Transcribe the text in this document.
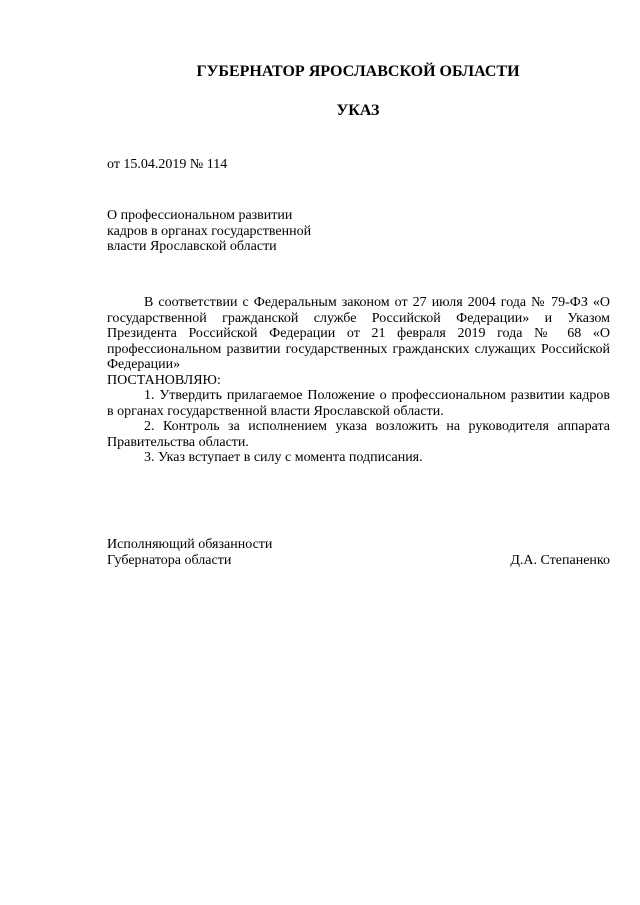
ГУБЕРНАТОР ЯРОСЛАВСКОЙ ОБЛАСТИ

УКАЗ

от 15.04.2019 № 114

О профессиональном развитии
кадров в органах государственной
власти Ярославской области

В соответствии с Федеральным законом от 27 июля 2004 года № 79-ФЗ «О государственной гражданской службе Российской Федерации» и Указом Президента Российской Федерации от 21 февраля 2019 года № 68 «О профессиональном развитии государственных гражданских служащих Российской Федерации»

ПОСТАНОВЛЯЮ:

1. Утвердить прилагаемое Положение о профессиональном развитии кадров в органах государственной власти Ярославской области.

2. Контроль за исполнением указа возложить на руководителя аппарата Правительства области.

3. Указ вступает в силу с момента подписания.

Исполняющий обязанности
Губернатора области	Д.А. Степаненко
